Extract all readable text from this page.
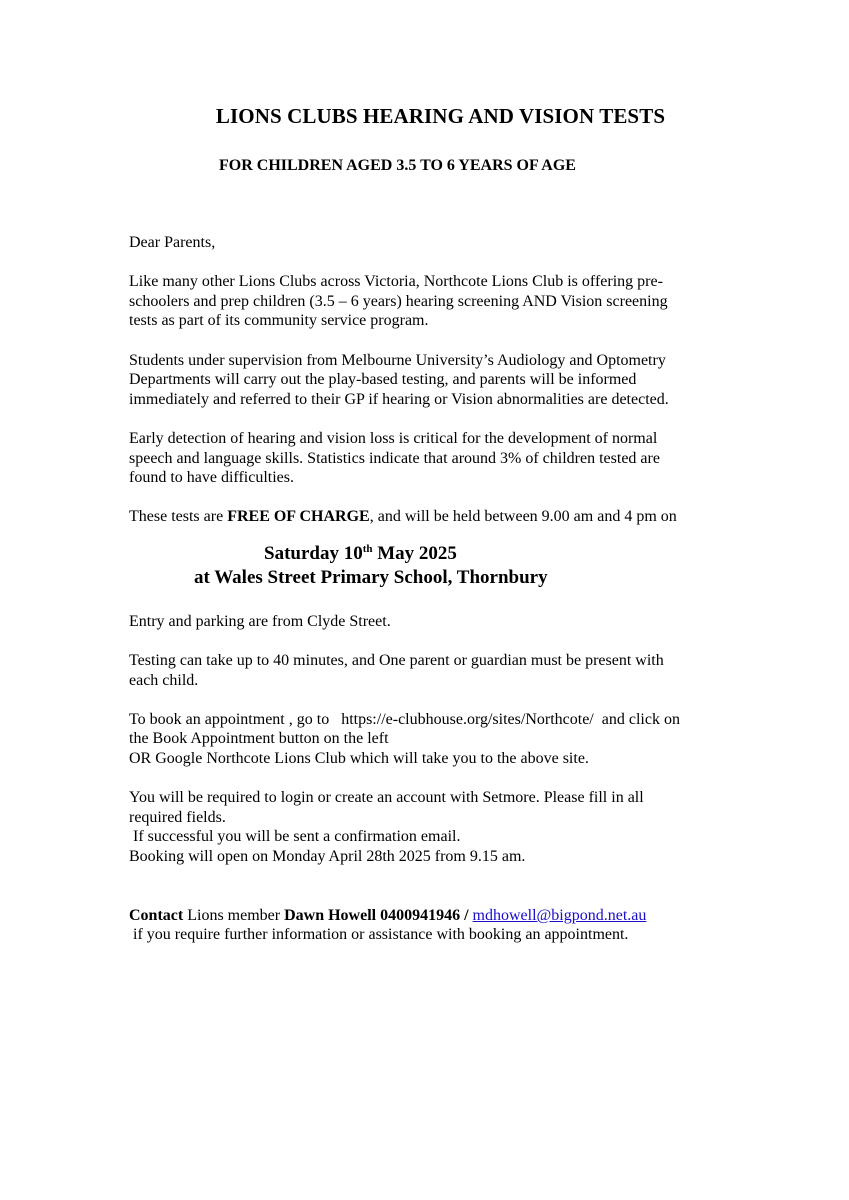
LIONS CLUBS HEARING AND VISION TESTS
FOR CHILDREN AGED 3.5 TO 6 YEARS OF AGE

Dear Parents,

Like many other Lions Clubs across Victoria, Northcote Lions Club is offering pre-
schoolers and prep children (3.5 – 6 years) hearing screening AND Vision screening
tests as part of its community service program.

Students under supervision from Melbourne University’s Audiology and Optometry
Departments will carry out the play-based testing, and parents will be informed
immediately and referred to their GP if hearing or Vision abnormalities are detected.

Early detection of hearing and vision loss is critical for the development of normal
speech and language skills. Statistics indicate that around 3% of children tested are
found to have difficulties.

These tests are FREE OF CHARGE, and will be held between 9.00 am and 4 pm on

Saturday 10th May 2025
at Wales Street Primary School, Thornbury

Entry and parking are from Clyde Street.

Testing can take up to 40 minutes, and One parent or guardian must be present with
each child.

To book an appointment , go to   https://e-clubhouse.org/sites/Northcote/  and click on
the Book Appointment button on the left
OR Google Northcote Lions Club which will take you to the above site.

You will be required to login or create an account with Setmore. Please fill in all
required fields.
If successful you will be sent a confirmation email.
Booking will open on Monday April 28th 2025 from 9.15 am.

Contact Lions member Dawn Howell 0400941946 / mdhowell@bigpond.net.au
if you require further information or assistance with booking an appointment.
